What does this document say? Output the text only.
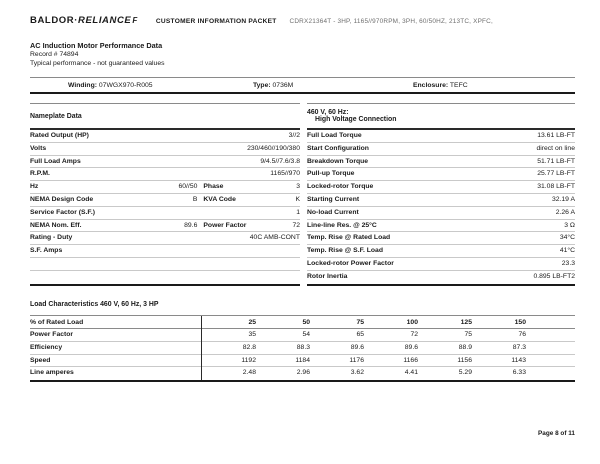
BALDOR·RELIANCEF	CUSTOMER INFORMATION PACKET CDRX21364T - 3HP, 1165//970RPM, 3PH, 60/50HZ, 213TC, XPFC,
AC Induction Motor Performance Data
Record # 74894
Typical performance - not guaranteed values
Winding: 07WGX970-R005	Type: 0736M	Enclosure: TEFC
Nameplate Data
Rated Output (HP)	3//2
Volts	230/460//190/380
Full Load Amps	9/4.5//7.6/3.8
R.P.M.	1165//970
Hz	60//50 Phase	3
NEMA Design Code	B KVA Code	K
Service Factor (S.F.)	1
NEMA Nom. Eff.	89.6 Power Factor	72
Rating - Duty	40C AMB-CONT
S.F. Amps
460 V, 60 Hz:
High Voltage Connection
Full Load Torque	13.61 LB-FT
Start Configuration	direct on line
Breakdown Torque	51.71 LB-FT
Pull-up Torque	25.77 LB-FT
Locked-rotor Torque	31.08 LB-FT
Starting Current	32.19 A
No-load Current	2.26 A
Line-line Res. @ 25°C	3 Ω
Temp. Rise @ Rated Load	34°C
Temp. Rise @ S.F. Load	41°C
Locked-rotor Power Factor	23.3
Rotor Inertia	0.895 LB-FT2
Load Characteristics 460 V, 60 Hz, 3 HP
% of Rated Load	25	50	75	100	125	150
Power Factor	35	54	65	72	75	76
Efficiency	82.8	88.3	89.6	89.6	88.9	87.3
Speed	1192	1184	1176	1166	1156	1143
Line amperes	2.48	2.96	3.62	4.41	5.29	6.33
Page 8 of 11
